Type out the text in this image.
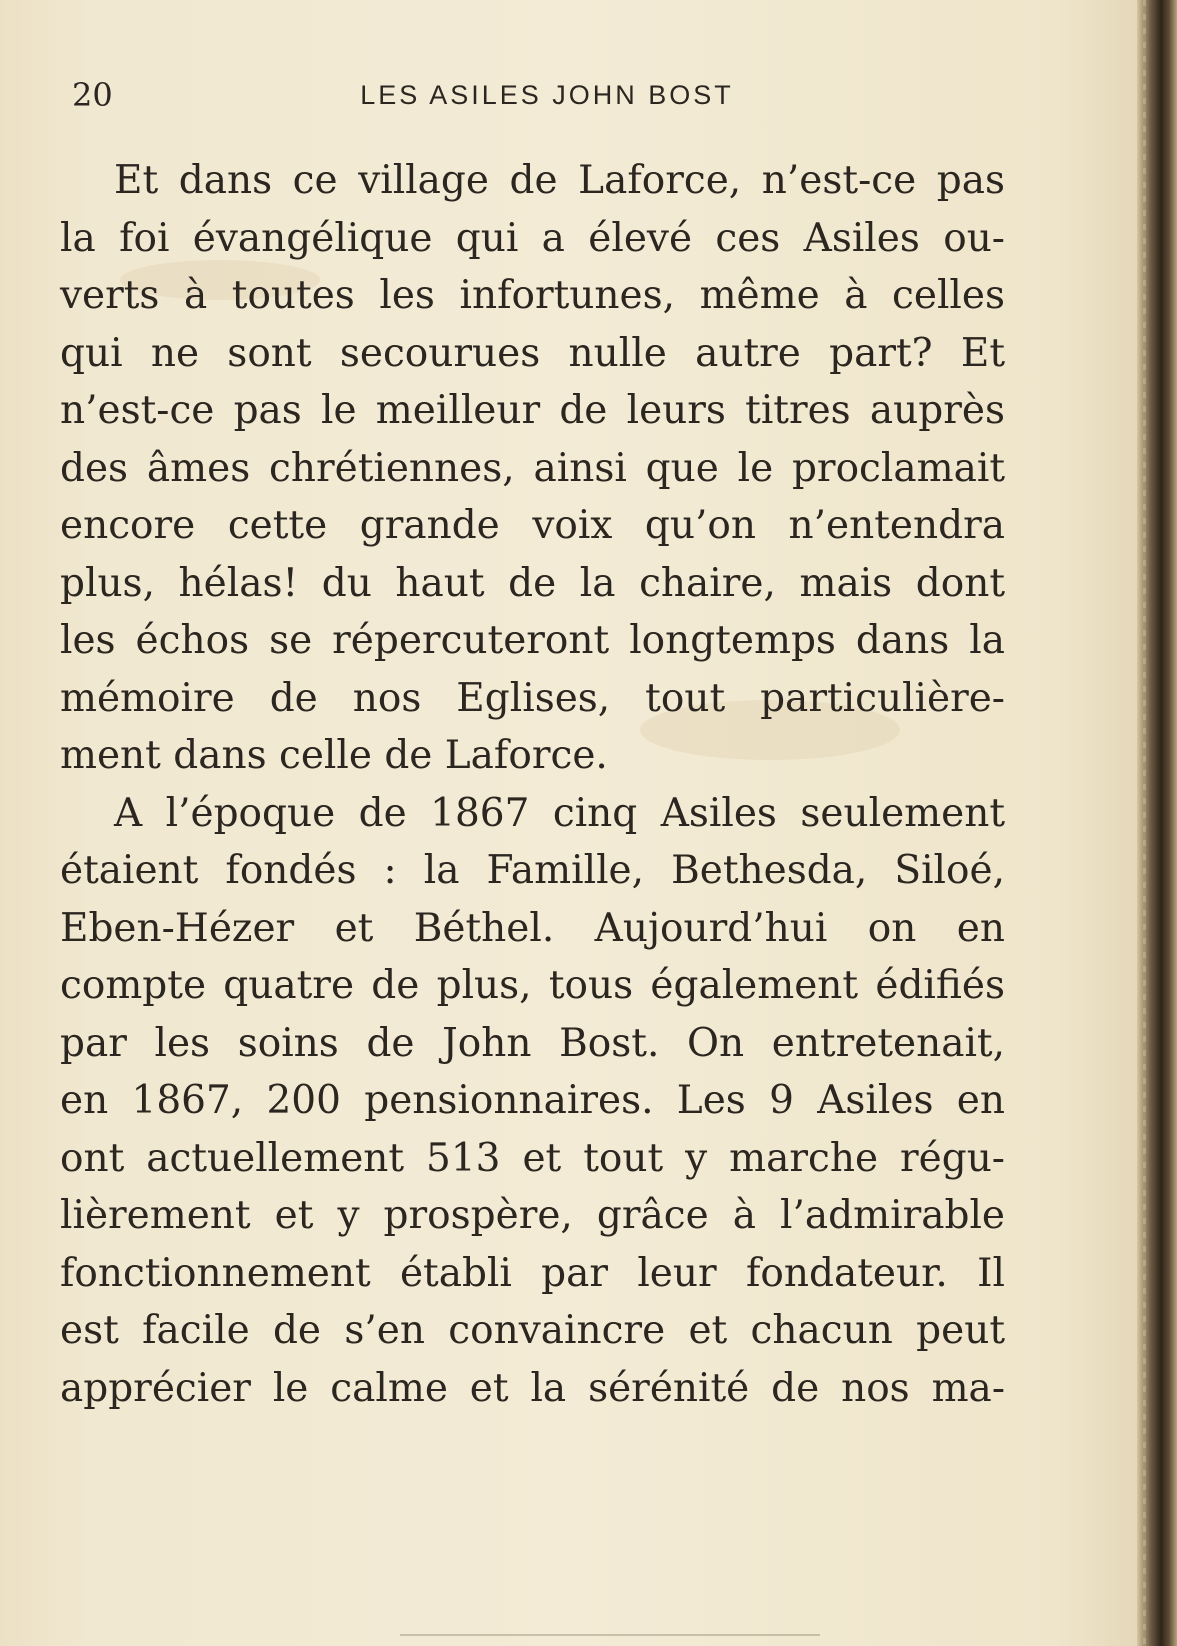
20	LES ASILES JOHN BOST
Et dans ce village de Laforce, n’est-ce pas
la foi évangélique qui a élevé ces Asiles ou-
verts à toutes les infortunes, même à celles
qui ne sont secourues nulle autre part? Et
n’est-ce pas le meilleur de leurs titres auprès
des âmes chrétiennes, ainsi que le proclamait
encore cette grande voix qu’on n’entendra
plus, hélas! du haut de la chaire, mais dont
les échos se répercuteront longtemps dans la
mémoire de nos Eglises, tout particulière-
ment dans celle de Laforce.
A l’époque de 1867 cinq Asiles seulement
étaient fondés : la Famille, Bethesda, Siloé,
Eben-Hézer et Béthel. Aujourd’hui on en
compte quatre de plus, tous également édifiés
par les soins de John Bost. On entretenait,
en 1867, 200 pensionnaires. Les 9 Asiles en
ont actuellement 513 et tout y marche régu-
lièrement et y prospère, grâce à l’admirable
fonctionnement établi par leur fondateur. Il
est facile de s’en convaincre et chacun peut
apprécier le calme et la sérénité de nos ma-
